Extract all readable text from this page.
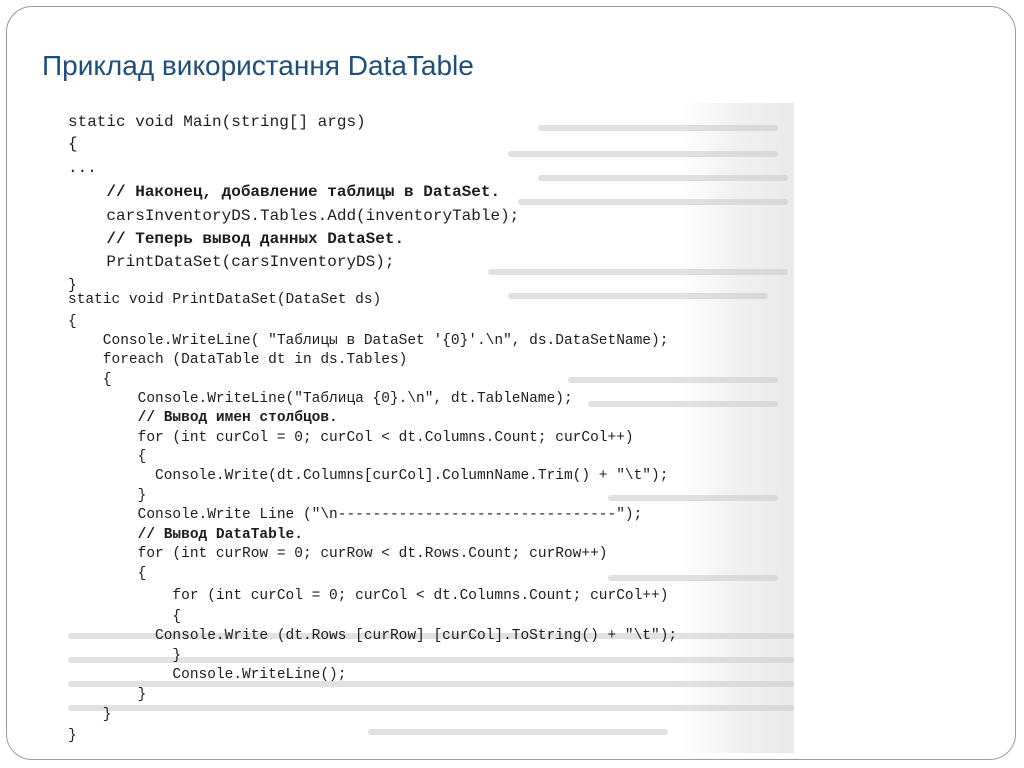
Приклад використання DataTable
static void Main(string[] args)
{
...
// Наконец, добавление таблицы в DataSet.
carsInventoryDS.Tables.Add(inventoryTable);
// Теперь вывод данных DataSet.
PrintDataSet(carsInventoryDS);
}
static void PrintDataSet(DataSet ds)
{
Console.WriteLine( "Таблицы в DataSet '{0}'.\n", ds.DataSetName);
foreach (DataTable dt in ds.Tables)
{
Console.WriteLine("Таблица {0}.\n", dt.TableName);
// Вывод имен столбцов.
for (int curCol = 0; curCol < dt.Columns.Count; curCol++)
{
Console.Write(dt.Columns[curCol].ColumnName.Trim() + "\t");
}
Console.Write Line ("\n--------------------------------");
// Вывод DataTable.
for (int curRow = 0; curRow < dt.Rows.Count; curRow++)
{
for (int curCol = 0; curCol < dt.Columns.Count; curCol++)
{
Console.Write (dt.Rows [curRow] [curCol].ToString() + "\t");
}
Console.WriteLine();
}
}
}
